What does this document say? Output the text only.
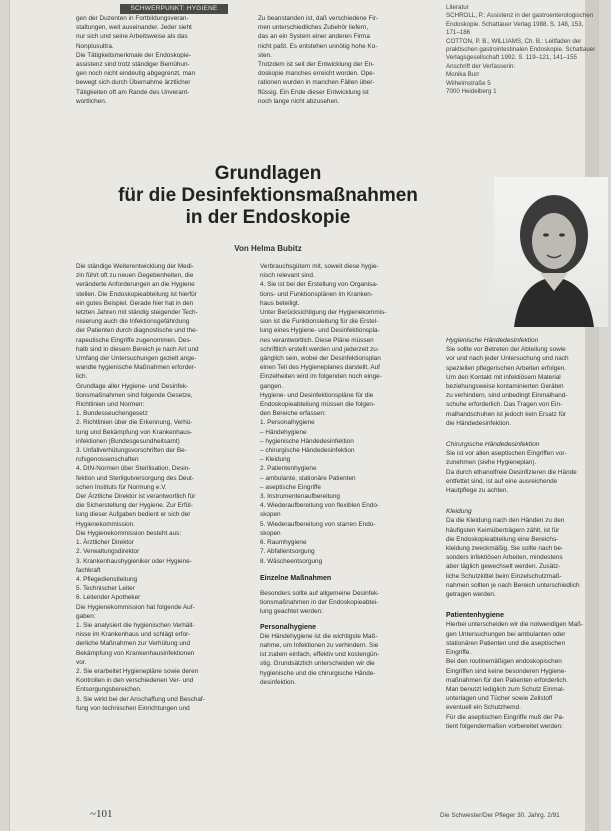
SCHWERPUNKT: HYGIENE
gen der Duzenten in Fortbildungsveran-
staltungen, weit auseinander. Jeder sieht
nur sich und seine Arbeitsweise als das
Nonplusultra.
Die Tätigkeitsmerkmale der Endoskopie-
assistenz sind trotz ständiger Bemühun-
gen noch nicht eindeutig abgegrenzt, man
bewegt sich durch Übernahme ärztlicher
Tätigkeiten oft am Rande des Unverant-
wortlichen.
Zu beanstanden ist, daß verschiedene Fir-
men unterschiedliches Zubehör liefern,
das an ein System einer anderen Firma
nicht paßt. Es entstehen unnötig hohe Ko-
sten.
Trotzdem ist seit der Entwicklung der En-
doskopie manches erreicht worden. Ope-
rationen wurden in manchen Fällen über-
flüssig. Ein Ende dieser Entwicklung ist
noch lange nicht abzusehen.
Literatur
SCHROLL, P.: Assistenz in der gastroenterologischen
Endoskopie. Schattauer Verlag 1988. S. 148, 153,
171–186
COTTON, P. B., WILLIAMS, Ch. B.: Leitfaden der
praktischen gastrointestinalen Endoskopie. Schattauer
Verlagsgesellschaft 1992. S. 119–121, 141–155
Anschrift der Verfasserin:
Monika Burr
Wilhelmstraße 5
7000 Heidelberg 1
Grundlagen
für die Desinfektionsmaßnahmen
in der Endoskopie
Von Helma Bubitz
Die ständige Weiterentwicklung der Medi-
zin führt oft zu neuen Gegebenheiten, die
veränderte Anforderungen an die Hygiene
stellen. Die Endoskopieabteilung ist hierfür
ein gutes Beispiel. Gerade hier hat in den
letzten Jahren mit ständig steigender Tech-
nisierung auch die Infektionsgefährdung
der Patienten durch diagnostische und the-
rapeutische Eingriffe zugenommen. Des-
halb sind in diesem Bereich je nach Art und
Umfang der Untersuchungen gezielt ange-
wandte hygienische Maßnahmen erforder-
lich.
Grundlage aller Hygiene- und Desinfek-
tionsmaßnahmen sind folgende Gesetze,
Richtlinien und Normen:
1. Bundesseuchengesetz
2. Richtlinien über die Erkennung, Verhü-
tung und Bekämpfung von Krankenhaus-
infektionen (Bundesgesundheitsamt)
3. Unfallverhütungsvorschriften der Be-
rufsgenossenschaften
4. DIN-Normen über Sterilisation, Desin-
fektion und Sterilgutversorgung des Deut-
schen Instituts für Normung e.V.
Der Ärztliche Direktor ist verantwortlich für
die Sicherstellung der Hygiene. Zur Erfül-
lung dieser Aufgaben bedient er sich der
Hygienekommission.
Die Hygienekommission besteht aus:
1. Ärztlicher Direktor
2. Verwaltungsdirektor
3. Krankenhaushygieniker oder Hygiene-
fachkraft
4. Pflegedienstleitung
5. Technischer Leiter
6. Leitender Apotheker
Die Hygienekommission hat folgende Auf-
gaben:
1. Sie analysiert die hygienischen Verhält-
nisse im Krankenhaus und schlägt erfor-
derliche Maßnahmen zur Verhütung und
Bekämpfung von Krankenhausinfektionen
vor.
2. Sie erarbeitet Hygienepläne sowie deren
Kontrollen in den verschiedenen Ver- und
Entsorgungsbereichen.
3. Sie wirkt bei der Anschaffung und Beschaf-
fung von technischen Einrichtungen und
Verbrauchsgütern mit, soweit diese hygie-
nisch relevant sind.
4. Sie ist bei der Erstellung von Organisa-
tions- und Funktionsplänen im Kranken-
haus beteiligt.
Unter Berücksichtigung der Hygienekommis-
sion ist die Funktionsleitung für die Erstel-
lung eines Hygiene- und Desinfektionspla-
nes verantwortlich. Diese Pläne müssen
schriftlich erstellt werden und jederzeit zu-
gänglich sein, wobei der Desinfektionsplan
einen Teil des Hygieneplanes darstellt. Auf
Einzelheiten wird im folgenden noch einge-
gangen.
Hygiene- und Desinfektionspläne für die
Endoskopieabteilung müssen die folgen-
den Bereiche erfassen:
1. Personalhygiene
– Händehygiene
– hygienische Händedesinfektion
– chirurgische Händedesinfektion
– Kleidung
2. Patientenhygiene
– ambulante, stationäre Patienten
– aseptische Eingriffe
3. Instrumentenaufbereitung
4. Wiederaufbereitung von flexiblen Endo-
skopen
5. Wiederaufbereitung von starren Endo-
skopen
6. Raumhygiene
7. Abfallentsorgung
8. Wäscheentsorgung
Einzelne Maßnahmen
Besonders sollte auf allgemeine Desinfek-
tionsmaßnahmen in der Endoskopieabtei-
lung geachtet werden:
Personalhygiene
Die Händehygiene ist die wichtigste Maß-
nahme, um Infektionen zu verhindern. Sie
ist zudem einfach, effektiv und kostengün-
stig. Grundsätzlich unterscheiden wir die
hygienische und die chirurgische Hände-
desinfektion.
Hygienische Händedesinfektion
Sie sollte vor Betreten der Abteilung sowie
vor und nach jeder Untersuchung und nach
speziellen pflegerischen Arbeiten erfolgen.
Um den Kontakt mit infektiösem Material
beziehungsweise kontaminierten Geräten
zu verhindern, sind unbedingt Einmalhand-
schuhe erforderlich. Das Tragen von Ein-
malhandschuhen ist jedoch kein Ersatz für
die Händedesinfektion.
Chirurgische Händedesinfektion
Sie ist vor allen aseptischen Eingriffen vor-
zunehmen (siehe Hygieneplan).
Da durch ethanolfreie Desinfizieren die Hände
entfettet sind, ist auf eine ausreichende
Hautpflege zu achten.
Kleidung
Da die Kleidung nach den Händen zu den
häufigsten Keimüberträgern zählt, ist für
die Endoskopieabteilung eine Bereichs-
kleidung zweckmäßig. Sie sollte nach be-
sonders infektiösen Arbeiten, mindestens
aber täglich gewechselt werden. Zusätz-
liche Schutzkittel beim Einzelschutzmaß-
nahmen sollten je nach Bereich unterschiedlich
getragen werden.
Patientenhygiene
Hierbei unterscheiden wir die notwendigen Maß-
gen Untersuchungen bei ambulanten oder
stationären Patienten und die aseptischen
Eingriffe.
Bei den routinemäßigen endoskopischen
Eingriffen sind keine besonderen Hygiene-
maßnahmen für den Patienten erforderlich.
Man benutzt lediglich zum Schutz Einmal-
unterlagen und Tücher sowie Zellstoff
eventuell ein Schutzhemd.
Für die aseptischen Eingriffe muß der Pa-
tient folgendermaßen vorbereitet werden:
~101	Die Schwester/Der Pfleger 30. Jahrg. 2/91
